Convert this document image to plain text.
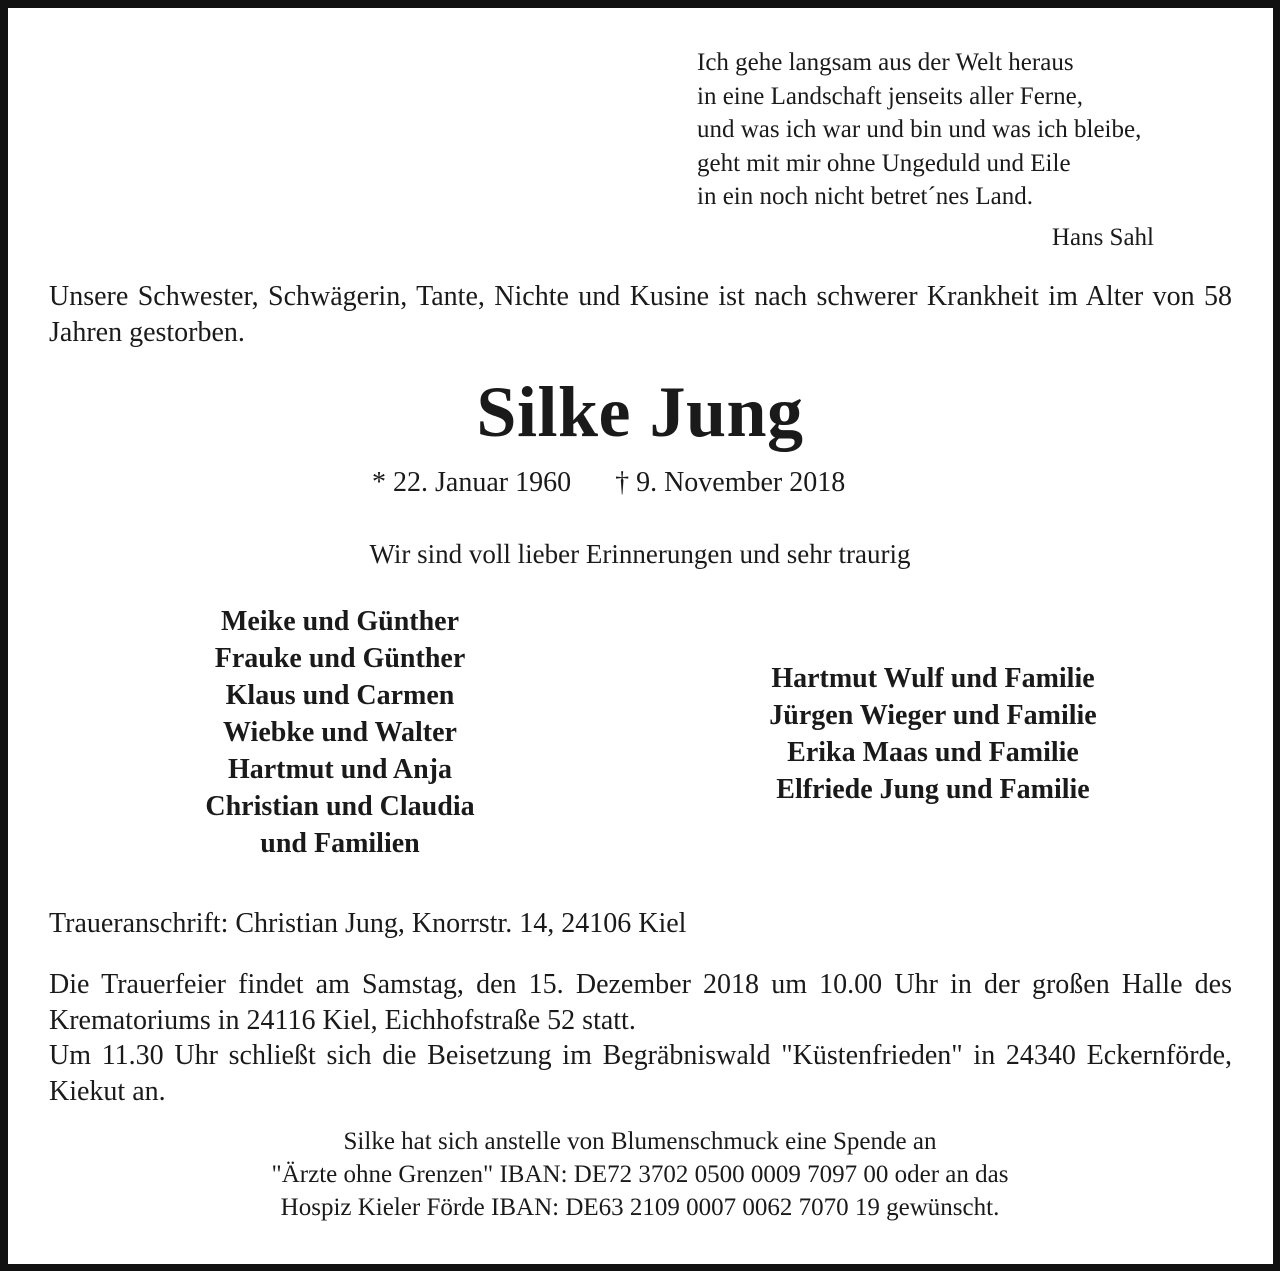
Ich gehe langsam aus der Welt heraus
in eine Landschaft jenseits aller Ferne,
und was ich war und bin und was ich bleibe,
geht mit mir ohne Ungeduld und Eile
in ein noch nicht betret´nes Land.
Hans Sahl
Unsere Schwester, Schwägerin, Tante, Nichte und Kusine ist nach schwerer Krankheit im Alter von 58 Jahren gestorben.
Silke Jung
* 22. Januar 1960 † 9. November 2018
Wir sind voll lieber Erinnerungen und sehr traurig
Meike und Günther
Frauke und Günther
Klaus und Carmen
Wiebke und Walter
Hartmut und Anja
Christian und Claudia
und Familien
Hartmut Wulf und Familie
Jürgen Wieger und Familie
Erika Maas und Familie
Elfriede Jung und Familie
Traueranschrift: Christian Jung, Knorrstr. 14, 24106 Kiel

Die Trauerfeier findet am Samstag, den 15. Dezember 2018 um 10.00 Uhr in der großen Halle des Krematoriums in 24116 Kiel, Eichhofstraße 52 statt.

Um 11.30 Uhr schließt sich die Beisetzung im Begräbniswald "Küstenfrieden" in 24340 Eckernförde, Kiekut an.

Silke hat sich anstelle von Blumenschmuck eine Spende an
"Ärzte ohne Grenzen" IBAN: DE72 3702 0500 0009 7097 00 oder an das
Hospiz Kieler Förde IBAN: DE63 2109 0007 0062 7070 19 gewünscht.
